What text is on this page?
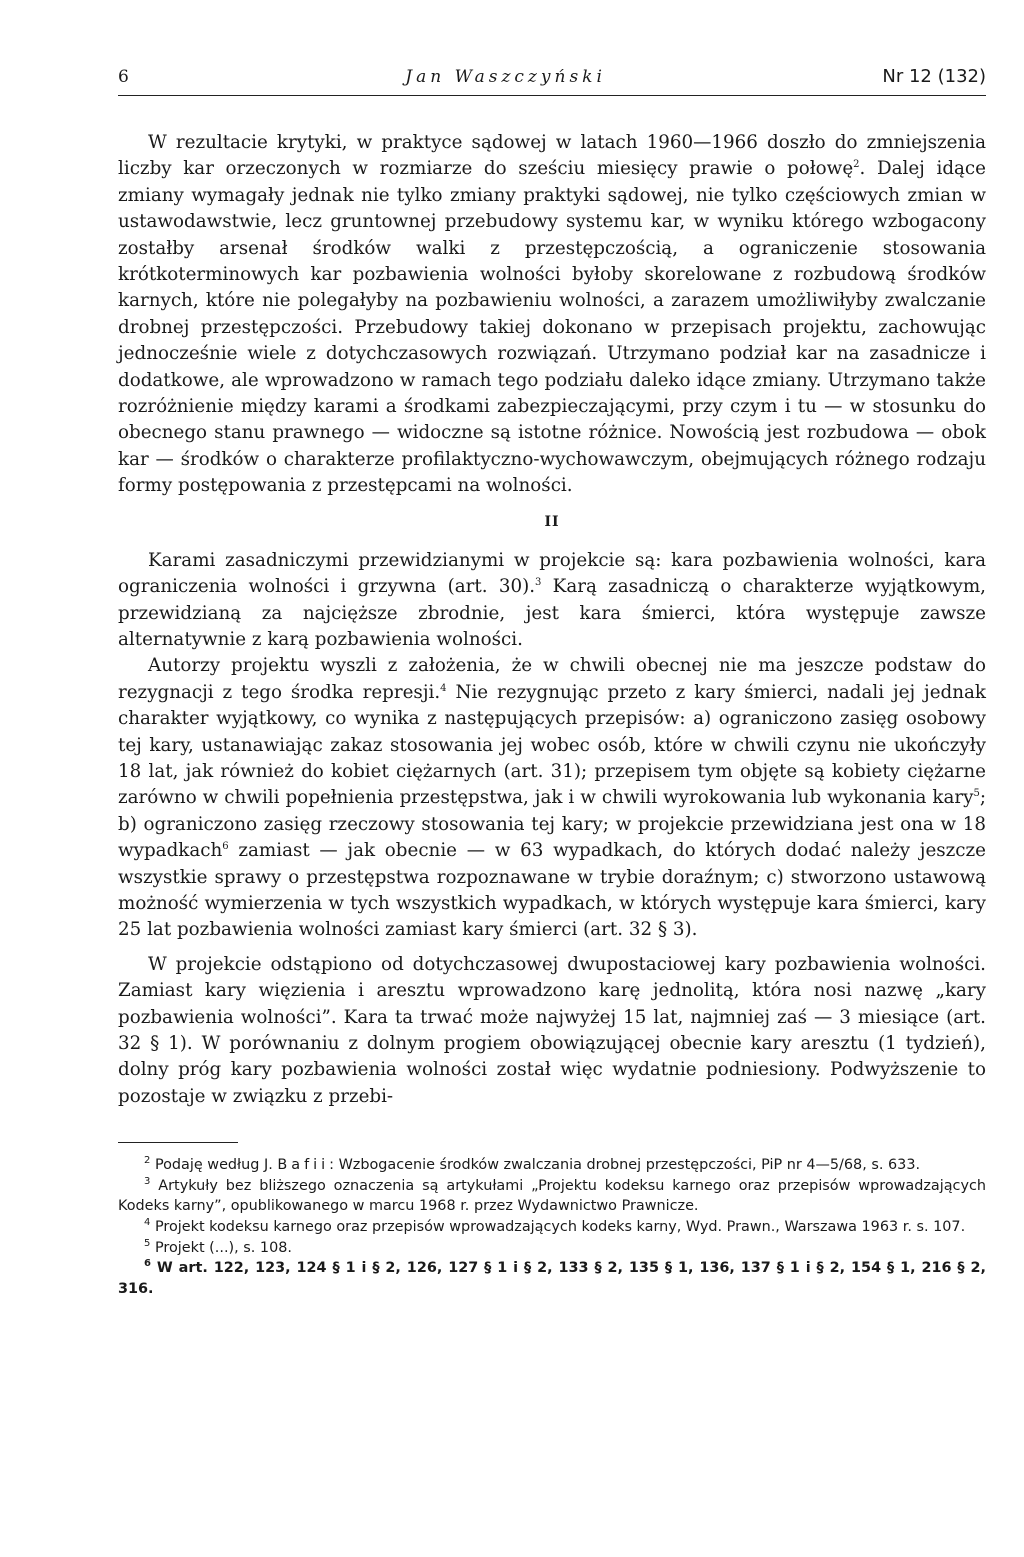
6	Jan Waszczyński	Nr 12 (132)

W rezultacie krytyki, w praktyce sądowej w latach 1960—1966 doszło do zmniejszenia liczby kar orzeczonych w rozmiarze do sześciu miesięcy prawie o połowę$^2$. Dalej idące zmiany wymagały jednak nie tylko zmiany praktyki sądowej, nie tylko częściowych zmian w ustawodawstwie, lecz gruntownej przebudowy systemu kar, w wyniku którego wzbogacony zostałby arsenał środków walki z przestępczością, a ograniczenie stosowania krótkoterminowych kar pozbawienia wolności byłoby skorelowane z rozbudową środków karnych, które nie polegałyby na pozbawieniu wolności, a zarazem umożliwiłyby zwalczanie drobnej przestępczości. Przebudowy takiej dokonano w przepisach projektu, zachowując jednocześnie wiele z dotychczasowych rozwiązań. Utrzymano podział kar na zasadnicze i dodatkowe, ale wprowadzono w ramach tego podziału daleko idące zmiany. Utrzymano także rozróżnienie między karami a środkami zabezpieczającymi, przy czym i tu — w stosunku do obecnego stanu prawnego — widoczne są istotne różnice. Nowością jest rozbudowa — obok kar — środków o charakterze profilaktyczno-wychowawczym, obejmujących różnego rodzaju formy postępowania z przestępcami na wolności.

II

Karami zasadniczymi przewidzianymi w projekcie są: kara pozbawienia wolności, kara ograniczenia wolności i grzywna (art. 30).$^3$ Karą zasadniczą o charakterze wyjątkowym, przewidzianą za najcięższe zbrodnie, jest kara śmierci, która występuje zawsze alternatywnie z karą pozbawienia wolności.

Autorzy projektu wyszli z założenia, że w chwili obecnej nie ma jeszcze podstaw do rezygnacji z tego środka represji.$^4$ Nie rezygnując przeto z kary śmierci, nadali jej jednak charakter wyjątkowy, co wynika z następujących przepisów: a) ograniczono zasięg osobowy tej kary, ustanawiając zakaz stosowania jej wobec osób, które w chwili czynu nie ukończyły 18 lat, jak również do kobiet ciężarnych (art. 31); przepisem tym objęte są kobiety ciężarne zarówno w chwili popełnienia przestępstwa, jak i w chwili wyrokowania lub wykonania kary$^5$; b) ograniczono zasięg rzeczowy stosowania tej kary; w projekcie przewidziana jest ona w 18 wypadkach$^6$ zamiast — jak obecnie — w 63 wypadkach, do których dodać należy jeszcze wszystkie sprawy o przestępstwa rozpoznawane w trybie doraźnym; c) stworzono ustawową możność wymierzenia w tych wszystkich wypadkach, w których występuje kara śmierci, kary 25 lat pozbawienia wolności zamiast kary śmierci (art. 32 § 3).

W projekcie odstąpiono od dotychczasowej dwupostaciowej kary pozbawienia wolności. Zamiast kary więzienia i aresztu wprowadzono karę jednolitą, która nosi nazwę „kary pozbawienia wolności”. Kara ta trwać może najwyżej 15 lat, najmniej zaś — 3 miesiące (art. 32 § 1). W porównaniu z dolnym progiem obowiązującej obecnie kary aresztu (1 tydzień), dolny próg kary pozbawienia wolności został więc wydatnie podniesiony. Podwyższenie to pozostaje w związku z przebi-

$^2$ Podaję według J. Bafii: Wzbogacenie środków zwalczania drobnej przestępczości, PiP nr 4—5/68, s. 633.

$^3$ Artykuły bez bliższego oznaczenia są artykułami „Projektu kodeksu karnego oraz przepisów wprowadzających Kodeks karny”, opublikowanego w marcu 1968 r. przez Wydawnictwo Prawnicze.

$^4$ Projekt kodeksu karnego oraz przepisów wprowadzających kodeks karny, Wyd. Prawn., Warszawa 1963 r. s. 107.

$^5$ Projekt (...), s. 108.

$^6$ W art. 122, 123, 124 § 1 i § 2, 126, 127 § 1 i § 2, 133 § 2, 135 § 1, 136, 137 § 1 i § 2, 154 § 1, 216 § 2, 316.
